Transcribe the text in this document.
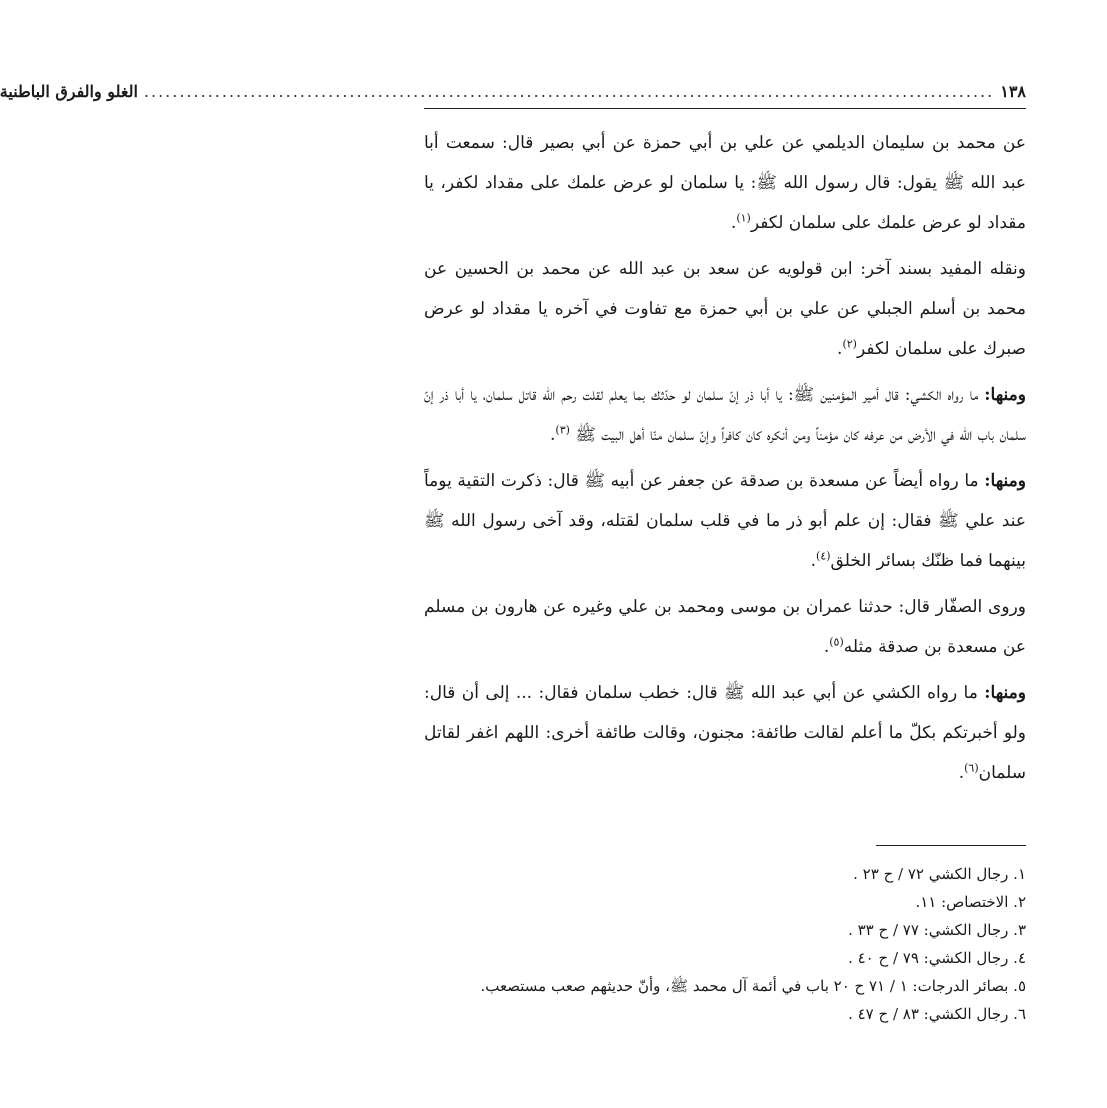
١٣٨
........................................................................................................................
الغلو والفرق الباطنية

عن محمد بن سليمان الديلمي عن علي بن أبي حمزة عن أبي بصير قال: سمعت أبا عبد الله ﷺ يقول: قال رسول الله ﷺ: يا سلمان لو عرض علمك على مقداد لكفر، يا مقداد لو عرض علمك على سلمان لكفر$^{(١)}$.

ونقله المفيد بسند آخر: ابن قولويه عن سعد بن عبد الله عن محمد بن الحسين عن محمد بن أسلم الجبلي عن علي بن أبي حمزة مع تفاوت في آخره يا مقداد لو عرض صبرك على سلمان لكفر$^{(٢)}$.

ومنها: ما رواه الكشي: قال أمير المؤمنين ﷺ: يا أبا ذر إنّ سلمان لو حدّثك بما يعلم لقلت رحم الله قاتل سلمان، يا أبا ذر إنّ سلمان باب الله في الأرض من عرفه كان مؤمناً ومن أنكره كان كافراً وإنّ سلمان منّا أهل البيت ﷺ $^{(٣)}$.

ومنها: ما رواه أيضاً عن مسعدة بن صدقة عن جعفر عن أبيه ﷺ قال: ذكرت التقية يوماً عند علي ﷺ فقال: إن علم أبو ذر ما في قلب سلمان لقتله، وقد آخى رسول الله ﷺ بينهما فما ظنّك بسائر الخلق$^{(٤)}$.

وروى الصفّار قال: حدثنا عمران بن موسى ومحمد بن علي وغيره عن هارون بن مسلم عن مسعدة بن صدقة مثله$^{(٥)}$.

ومنها: ما رواه الكشي عن أبي عبد الله ﷺ قال: خطب سلمان فقال: ... إلى أن قال: ولو أخبرتكم بكلّ ما أعلم لقالت طائفة: مجنون، وقالت طائفة أخرى: اللهم اغفر لقاتل سلمان$^{(٦)}$.

١. رجال الكشي ٧٢ / ح ٢٣ .
٢. الاختصاص: ١١.
٣. رجال الكشي: ٧٧ / ح ٣٣ .
٤. رجال الكشي: ٧٩ / ح ٤٠ .
٥. بصائر الدرجات: ١ / ٧١ ح ٢٠ باب في أئمة آل محمد ﷺ، وأنّ حديثهم صعب مستصعب.
٦. رجال الكشي: ٨٣ / ح ٤٧ .
